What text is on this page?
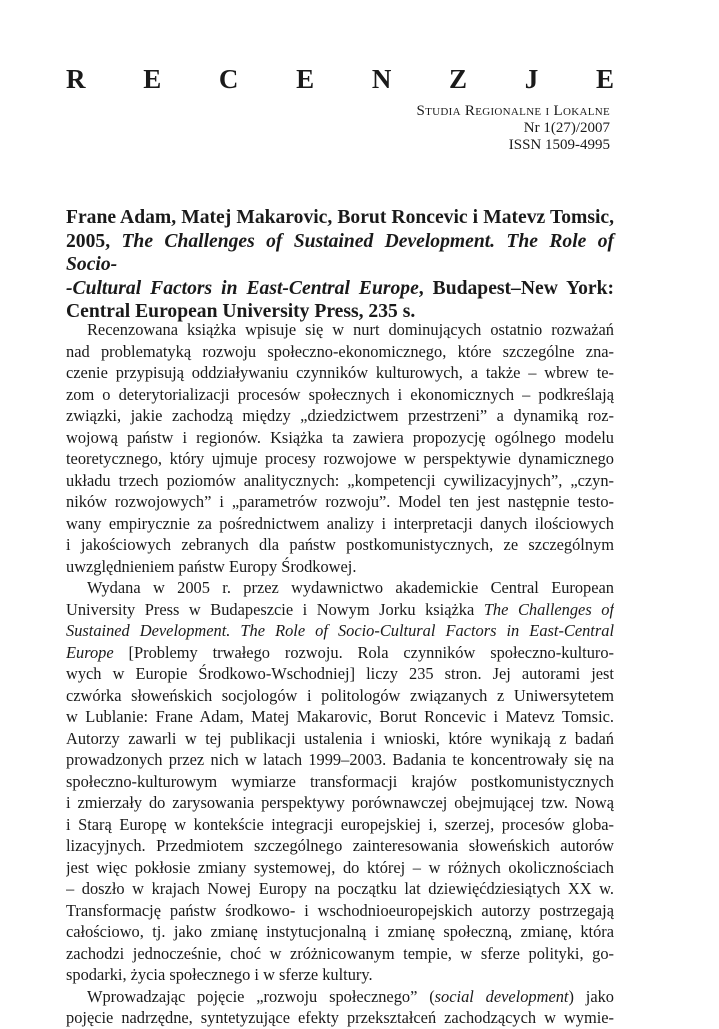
R E C E N Z J E
Studia Regionalne i Lokalne
Nr 1(27)/2007
ISSN 1509-4995
Frane Adam, Matej Makarovic, Borut Roncevic i Matevz Tomsic,
2005, The Challenges of Sustained Development. The Role of Socio-
-Cultural Factors in East-Central Europe, Budapest–New York:
Central European University Press, 235 s.
Recenzowana książka wpisuje się w nurt dominujących ostatnio rozważań
nad problematyką rozwoju społeczno-ekonomicznego, które szczególne zna-
czenie przypisują oddziaływaniu czynników kulturowych, a także – wbrew te-
zom o deterytorializacji procesów społecznych i ekonomicznych – podkreślają
związki, jakie zachodzą między „dziedzictwem przestrzeni” a dynamiką roz-
wojową państw i regionów. Książka ta zawiera propozycję ogólnego modelu
teoretycznego, który ujmuje procesy rozwojowe w perspektywie dynamicznego
układu trzech poziomów analitycznych: „kompetencji cywilizacyjnych”, „czyn-
ników rozwojowych” i „parametrów rozwoju”. Model ten jest następnie testo-
wany empirycznie za pośrednictwem analizy i interpretacji danych ilościowych
i jakościowych zebranych dla państw postkomunistycznych, ze szczególnym
uwzględnieniem państw Europy Środkowej.
Wydana w 2005 r. przez wydawnictwo akademickie Central European
University Press w Budapeszcie i Nowym Jorku książka The Challenges of
Sustained Development. The Role of Socio-Cultural Factors in East-Central
Europe [Problemy trwałego rozwoju. Rola czynników społeczno-kulturo-
wych w Europie Środkowo-Wschodniej] liczy 235 stron. Jej autorami jest
czwórka słoweńskich socjologów i politologów związanych z Uniwersytetem
w Lublanie: Frane Adam, Matej Makarovic, Borut Roncevic i Matevz Tomsic.
Autorzy zawarli w tej publikacji ustalenia i wnioski, które wynikają z badań
prowadzonych przez nich w latach 1999–2003. Badania te koncentrowały się na
społeczno-kulturowym wymiarze transformacji krajów postkomunistycznych
i zmierzały do zarysowania perspektywy porównawczej obejmującej tzw. Nową
i Starą Europę w kontekście integracji europejskiej i, szerzej, procesów globa-
lizacyjnych. Przedmiotem szczególnego zainteresowania słoweńskich autorów
jest więc pokłosie zmiany systemowej, do której – w różnych okolicznościach
– doszło w krajach Nowej Europy na początku lat dziewięćdziesiątych XX w.
Transformację państw środkowo- i wschodnioeuropejskich autorzy postrzegają
całościowo, tj. jako zmianę instytucjonalną i zmianę społeczną, zmianę, która
zachodzi jednocześnie, choć w zróżnicowanym tempie, w sferze polityki, go-
spodarki, życia społecznego i w sferze kultury.
Wprowadzając pojęcie „rozwoju społecznego” (social development) jako
pojęcie nadrzędne, syntetyzujące efekty przekształceń zachodzących w wymie-
